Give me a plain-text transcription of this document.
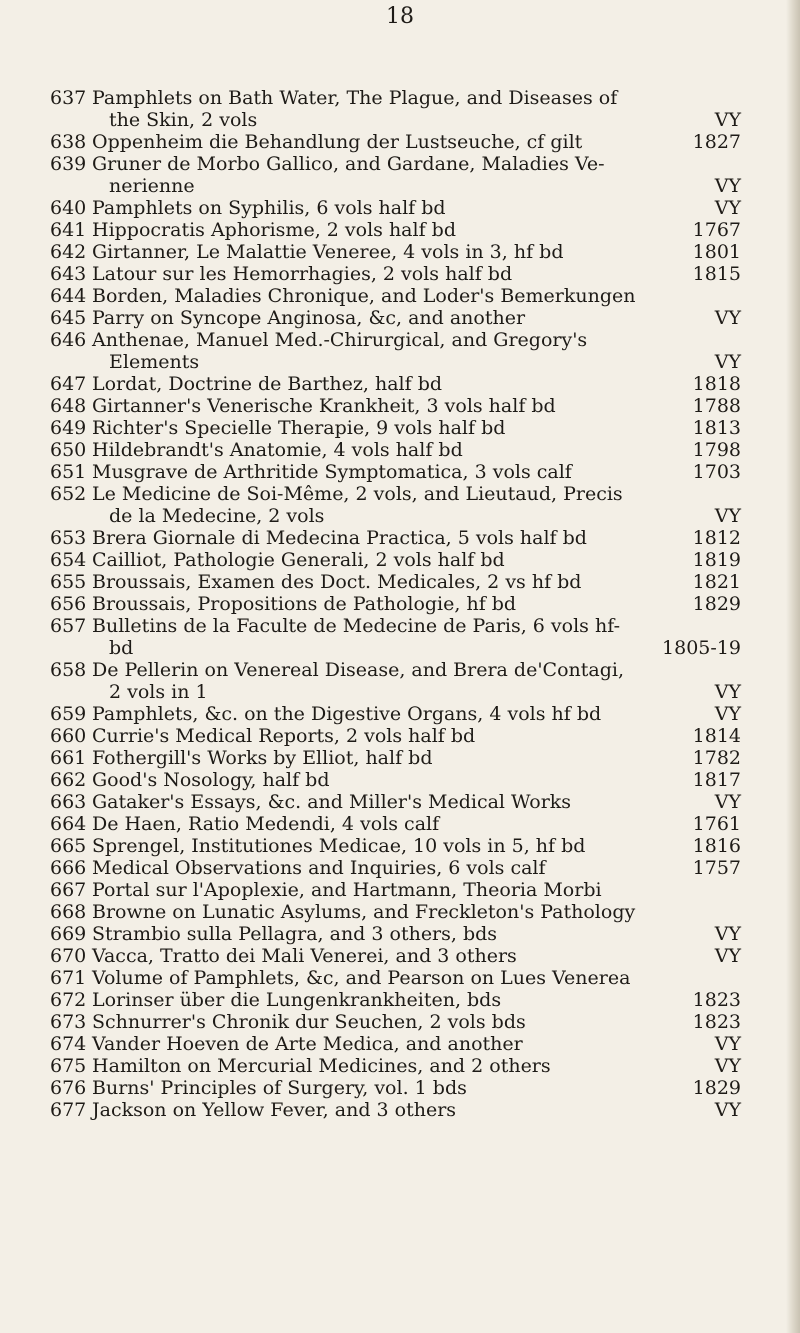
18
637 Pamphlets on Bath Water, The Plague, and Diseases of
the Skin, 2 vols	VY
638 Oppenheim die Behandlung der Lustseuche, cf gilt	1827
639 Gruner de Morbo Gallico, and Gardane, Maladies Ve-
nerienne	VY
640 Pamphlets on Syphilis, 6 vols half bd	VY
641 Hippocratis Aphorisme, 2 vols half bd	1767
642 Girtanner, Le Malattie Veneree, 4 vols in 3, hf bd	1801
643 Latour sur les Hemorrhagies, 2 vols half bd	1815
644 Borden, Maladies Chronique, and Loder's Bemerkungen
645 Parry on Syncope Anginosa, &c, and another	VY
646 Anthenae, Manuel Med.-Chirurgical, and Gregory's
Elements	VY
647 Lordat, Doctrine de Barthez, half bd	1818
648 Girtanner's Venerische Krankheit, 3 vols half bd	1788
649 Richter's Specielle Therapie, 9 vols half bd	1813
650 Hildebrandt's Anatomie, 4 vols half bd	1798
651 Musgrave de Arthritide Symptomatica, 3 vols calf	1703
652 Le Medicine de Soi-Même, 2 vols, and Lieutaud, Precis
de la Medecine, 2 vols	VY
653 Brera Giornale di Medecina Practica, 5 vols half bd	1812
654 Cailliot, Pathologie Generali, 2 vols half bd	1819
655 Broussais, Examen des Doct. Medicales, 2 vs hf bd	1821
656 Broussais, Propositions de Pathologie, hf bd	1829
657 Bulletins de la Faculte de Medecine de Paris, 6 vols hf-
bd	1805-19
658 De Pellerin on Venereal Disease, and Brera de'Contagi,
2 vols in 1	VY
659 Pamphlets, &c. on the Digestive Organs, 4 vols hf bd	VY
660 Currie's Medical Reports, 2 vols half bd	1814
661 Fothergill's Works by Elliot, half bd	1782
662 Good's Nosology, half bd	1817
663 Gataker's Essays, &c. and Miller's Medical Works	VY
664 De Haen, Ratio Medendi, 4 vols calf	1761
665 Sprengel, Institutiones Medicae, 10 vols in 5, hf bd	1816
666 Medical Observations and Inquiries, 6 vols calf	1757
667 Portal sur l'Apoplexie, and Hartmann, Theoria Morbi
668 Browne on Lunatic Asylums, and Freckleton's Pathology
669 Strambio sulla Pellagra, and 3 others, bds	VY
670 Vacca, Tratto dei Mali Venerei, and 3 others	VY
671 Volume of Pamphlets, &c, and Pearson on Lues Venerea
672 Lorinser über die Lungenkrankheiten, bds	1823
673 Schnurrer's Chronik dur Seuchen, 2 vols bds	1823
674 Vander Hoeven de Arte Medica, and another	VY
675 Hamilton on Mercurial Medicines, and 2 others	VY
676 Burns' Principles of Surgery, vol. 1 bds	1829
677 Jackson on Yellow Fever, and 3 others	VY
